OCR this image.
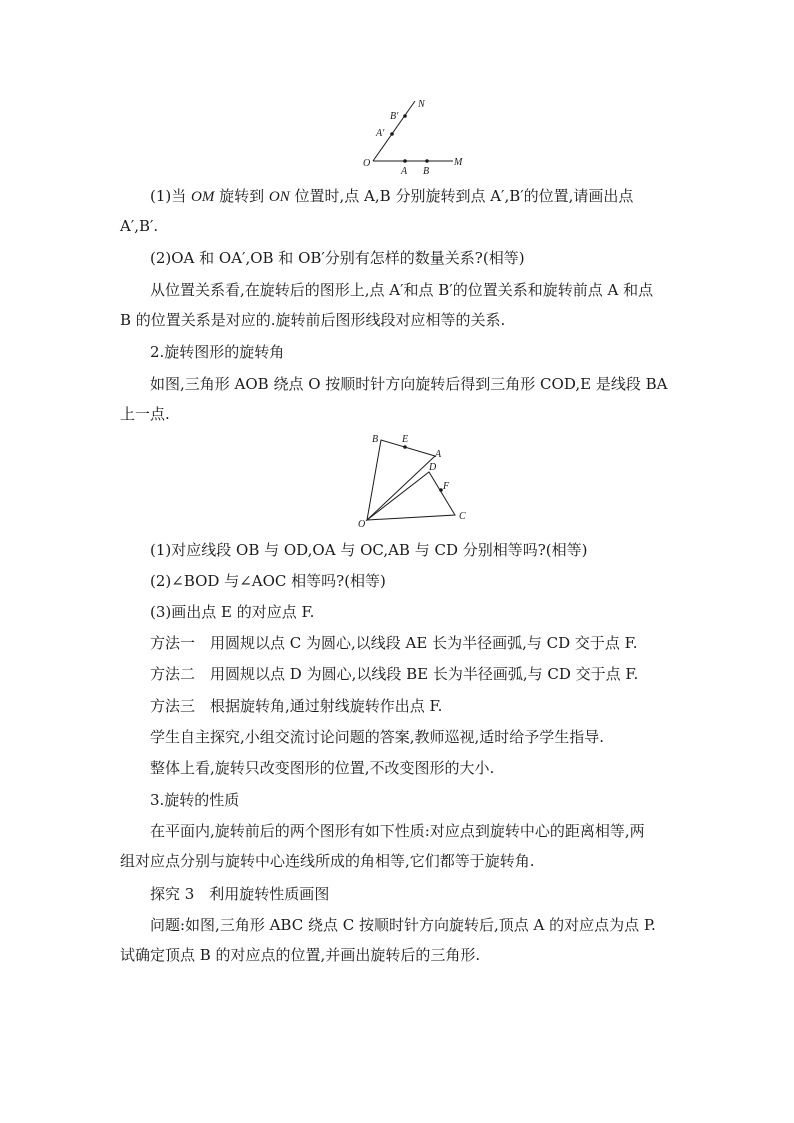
N
B′
A′
O
A B
M
B E
A
D
F
O
C
(1)当 OM 旋转到 ON 位置时,点 A,B 分别旋转到点 A′,B′的位置,请画出点
A′,B′.
(2)OA 和 OA′,OB 和 OB′分别有怎样的数量关系?(相等)
从位置关系看,在旋转后的图形上,点 A′和点 B′的位置关系和旋转前点 A 和点
B 的位置关系是对应的.旋转前后图形线段对应相等的关系.
2.旋转图形的旋转角
如图,三角形 AOB 绕点 O 按顺时针方向旋转后得到三角形 COD,E 是线段 BA
上一点.
(1)对应线段 OB 与 OD,OA 与 OC,AB 与 CD 分别相等吗?(相等)
(2)∠BOD 与∠AOC 相等吗?(相等)
(3)画出点 E 的对应点 F.
方法一　用圆规以点 C 为圆心,以线段 AE 长为半径画弧,与 CD 交于点 F.
方法二　用圆规以点 D 为圆心,以线段 BE 长为半径画弧,与 CD 交于点 F.
方法三　根据旋转角,通过射线旋转作出点 F.
学生自主探究,小组交流讨论问题的答案,教师巡视,适时给予学生指导.
整体上看,旋转只改变图形的位置,不改变图形的大小.
3.旋转的性质
在平面内,旋转前后的两个图形有如下性质:对应点到旋转中心的距离相等,两
组对应点分别与旋转中心连线所成的角相等,它们都等于旋转角.
探究 3　利用旋转性质画图
问题:如图,三角形 ABC 绕点 C 按顺时针方向旋转后,顶点 A 的对应点为点 P.
试确定顶点 B 的对应点的位置,并画出旋转后的三角形.
